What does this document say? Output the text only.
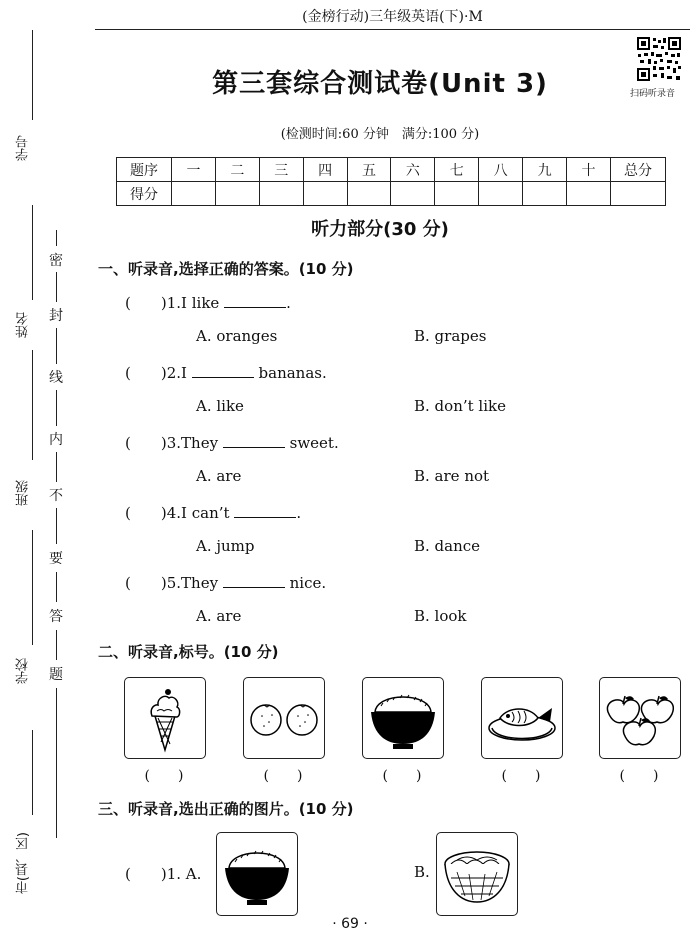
学号
姓名
班级
学校
市(县、区)
密
封
线
内
不
要
答
题
(金榜行动)三年级英语(下)·M
扫码听录音
第三套综合测试卷(Unit 3)
(检测时间:60 分钟　满分:100 分)
题序	一	二	三	四	五	六	七	八	九	十	总分
得分											
听力部分(30 分)
一、听录音,选择正确的答案。(10 分)
(　　)1.I like	.
A. oranges	B. grapes
(　　)2.I	bananas.
A. like	B. don’t like
(　　)3.They	sweet.
A. are	B. are not
(　　)4.I can’t	.
A. jump	B. dance
(　　)5.They	nice.
A. are	B. look
二、听录音,标号。(10 分)
(　　)	(　　)	(　　)	(　　)	(　　)
三、听录音,选出正确的图片。(10 分)
(　　)1. A.	B.
· 69 ·
